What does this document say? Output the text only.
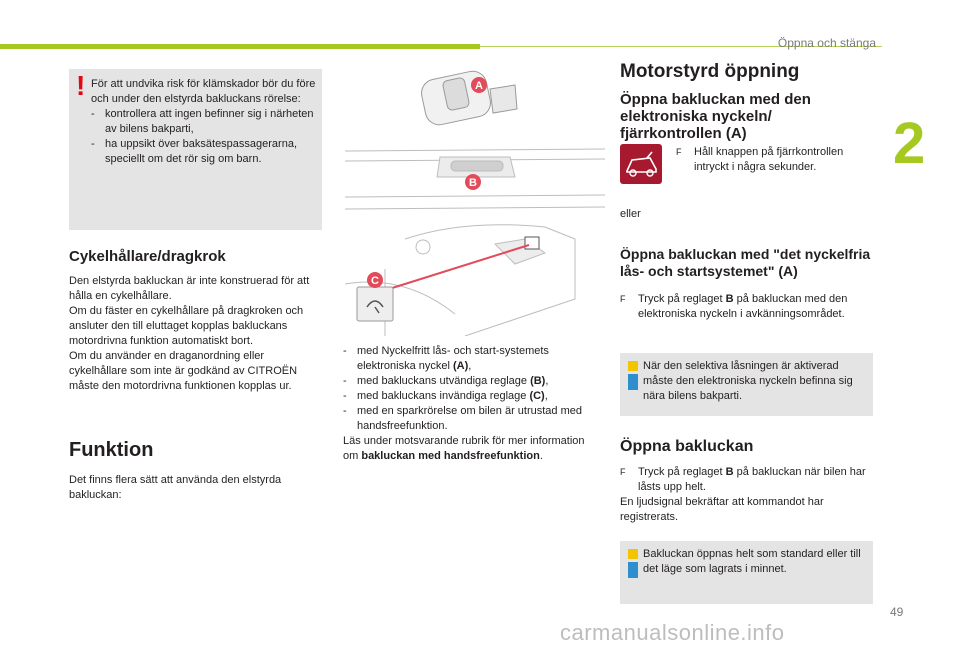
Öppna och stänga
2
! För att undvika risk för klämskador bör du före och under den elstyrda bakluckans rörelse:
- kontrollera att ingen befinner sig i närheten av bilens bakparti,
- ha uppsikt över baksätespassagerarna, speciellt om det rör sig om barn.
Cykelhållare/dragkrok
Den elstyrda bakluckan är inte konstruerad för att hålla en cykelhållare.
Om du fäster en cykelhållare på dragkroken och ansluter den till eluttaget kopplas bakluckans motordrivna funktion automatiskt bort.
Om du använder en draganordning eller cykelhållare som inte är godkänd av CITROËN måste den motordrivna funktionen kopplas ur.
Funktion
Det finns flera sätt att använda den elstyrda bakluckan:
A
B
C
- med Nyckelfritt lås- och start-systemets elektroniska nyckel (A),
- med bakluckans utvändiga reglage (B),
- med bakluckans invändiga reglage (C),
- med en sparkrörelse om bilen är utrustad med handsfreefunktion.
Läs under motsvarande rubrik för mer information om bakluckan med handsfreefunktion.
Motorstyrd öppning
Öppna bakluckan med den elektroniska nyckeln/ fjärrkontrollen (A)
F	Håll knappen på fjärrkontrollen intryckt i några sekunder.
eller
Öppna bakluckan med "det nyckelfria lås- och startsystemet" (A)
F	Tryck på reglaget B på bakluckan med den elektroniska nyckeln i avkänningsområdet.
När den selektiva låsningen är aktiverad måste den elektroniska nyckeln befinna sig nära bilens bakparti.
Öppna bakluckan
F	Tryck på reglaget B på bakluckan när bilen har låsts upp helt.
En ljudsignal bekräftar att kommandot har registrerats.
Bakluckan öppnas helt som standard eller till det läge som lagrats i minnet.
49
carmanualsonline.info
